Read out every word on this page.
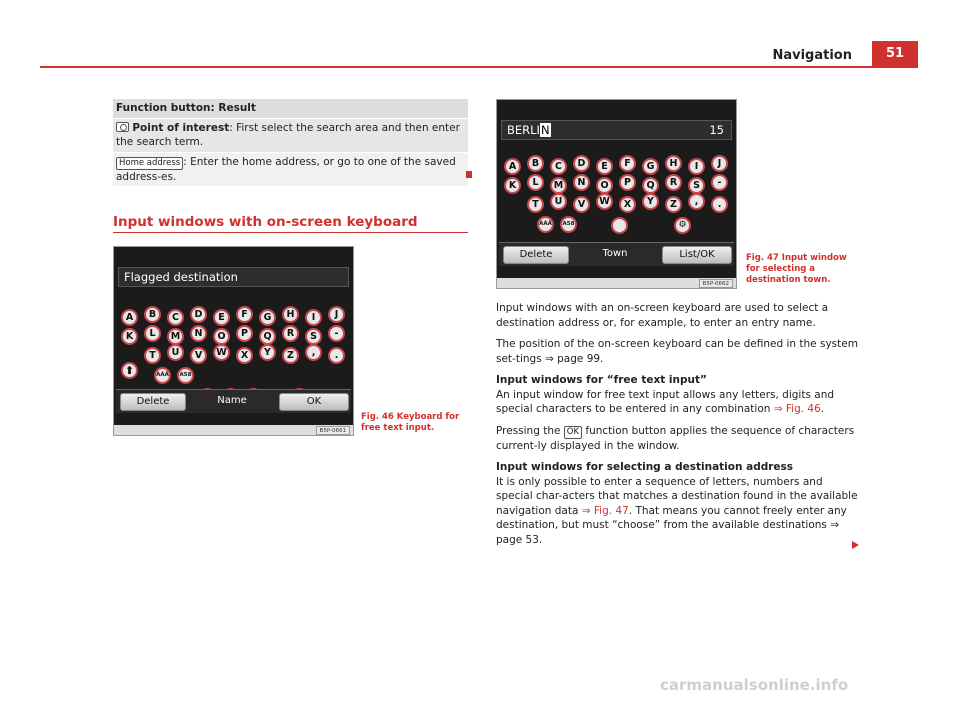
Navigation	51
Function button: Result
Point of interest: First select the search area and then enter the search term.
Home address : Enter the home address, or go to one of the saved address-es.
Input windows with on-screen keyboard
Flagged destination
A	B	C	D	E	F	G	H	I	J
K	L	M	N	O	P	Q	R	S	-
T	U	V	W	X	Y	Z	,	.
ÀÁÂ	A58
⬆
Delete	Name	OK
B5P-0661
Fig. 46 Keyboard for free text input.
BERLIN	15
A	B	C	D	E	F	G	H	I	J
K	L	M	N	O	P	Q	R	S	-
T	U	V	W	X	Y	Z	,	.
ÀÁÂ	A58	⚙
Delete	Town	List/OK
B5P-0662
Fig. 47 Input window for selecting a destination town.

Input windows with an on-screen keyboard are used to select a destination address or, for example, to enter an entry name.

The position of the on-screen keyboard can be defined in the system set-tings ⇒ page 99.

Input windows for “free text input”

An input window for free text input allows any letters, digits and special characters to be entered in any combination ⇒ Fig. 46.

Pressing the OK function button applies the sequence of characters current-ly displayed in the window.

Input windows for selecting a destination address

It is only possible to enter a sequence of letters, numbers and special char-acters that matches a destination found in the available navigation data ⇒ Fig. 47. That means you cannot freely enter any destination, but must “choose” from the available destinations ⇒ page 53.

carmanualsonline.info
